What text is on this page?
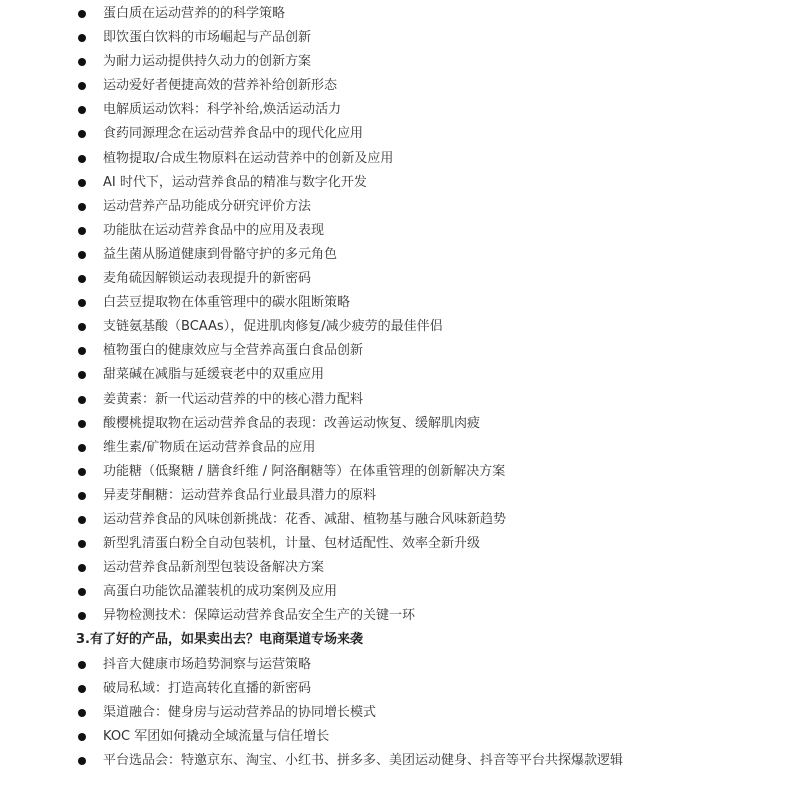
蛋白质在运动营养的的科学策略
即饮蛋白饮料的市场崛起与产品创新
为耐力运动提供持久动力的创新方案
运动爱好者便捷高效的营养补给创新形态
电解质运动饮料：科学补给,焕活运动活力
食药同源理念在运动营养食品中的现代化应用
植物提取/合成生物原料在运动营养中的创新及应用
AI 时代下，运动营养食品的精准与数字化开发
运动营养产品功能成分研究评价方法
功能肽在运动营养食品中的应用及表现
益生菌从肠道健康到骨骼守护的多元角色
麦角硫因解锁运动表现提升的新密码
白芸豆提取物在体重管理中的碳水阻断策略
支链氨基酸（BCAAs），促进肌肉修复/减少疲劳的最佳伴侣
植物蛋白的健康效应与全营养高蛋白食品创新
甜菜碱在减脂与延缓衰老中的双重应用
姜黄素：新一代运动营养的中的核心潜力配料
酸樱桃提取物在运动营养食品的表现：改善运动恢复、缓解肌肉疲
维生素/矿物质在运动营养食品的应用
功能糖（低聚糖 / 膳食纤维 / 阿洛酮糖等）在体重管理的创新解决方案
异麦芽酮糖：运动营养食品行业最具潜力的原料
运动营养食品的风味创新挑战：花香、减甜、植物基与融合风味新趋势
新型乳清蛋白粉全自动包装机，计量、包材适配性、效率全新升级
运动营养食品新剂型包装设备解决方案
高蛋白功能饮品灌装机的成功案例及应用
异物检测技术：保障运动营养食品安全生产的关键一环
3.有了好的产品，如果卖出去？电商渠道专场来袭
抖音大健康市场趋势洞察与运营策略
破局私域：打造高转化直播的新密码
渠道融合：健身房与运动营养品的协同增长模式
KOC 军团如何撬动全域流量与信任增长
平台选品会：特邀京东、淘宝、小红书、拼多多、美团运动健身、抖音等平台共探爆款逻辑
